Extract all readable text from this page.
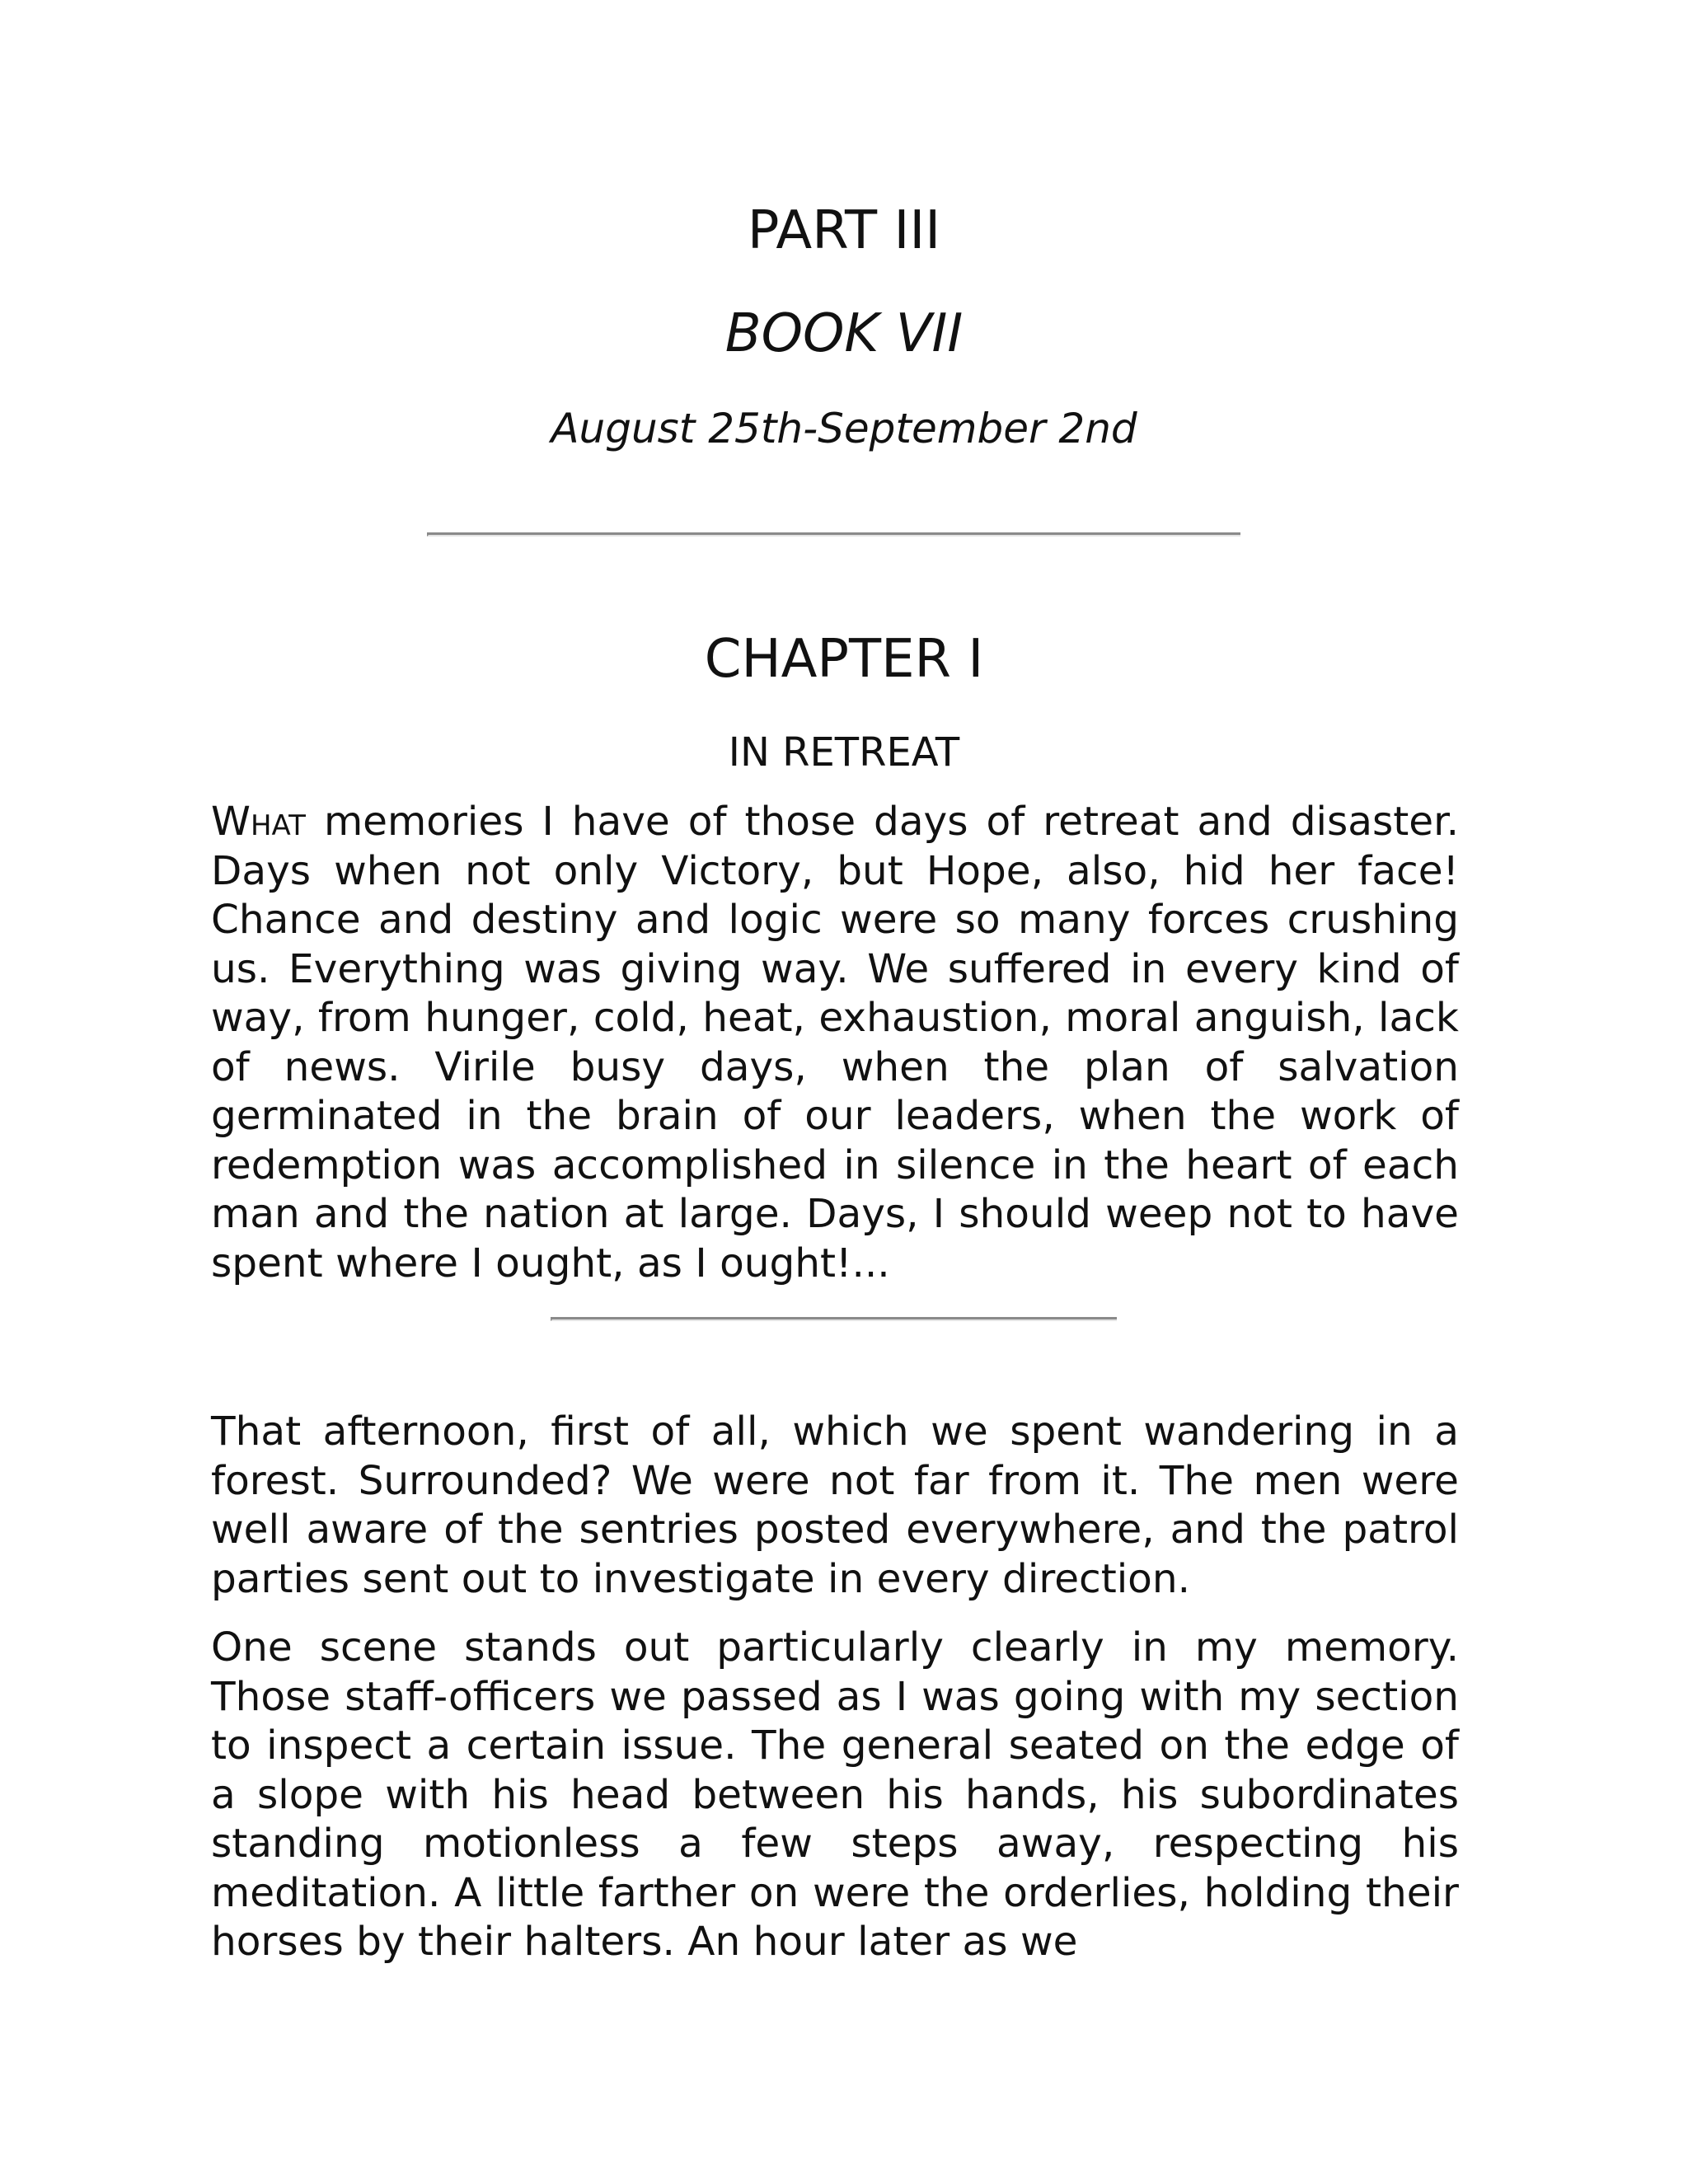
PART III
BOOK VII
August 25th-September 2nd
CHAPTER I
IN RETREAT

What memories I have of those days of retreat and disaster. Days when not only Victory, but Hope, also, hid her face! Chance and destiny and logic were so many forces crushing us. Everything was giving way. We suffered in every kind of way, from hunger, cold, heat, exhaustion, moral anguish, lack of news. Virile busy days, when the plan of salvation germinated in the brain of our leaders, when the work of redemption was accomplished in silence in the heart of each man and the nation at large. Days, I should weep not to have spent where I ought, as I ought!...

That afternoon, first of all, which we spent wandering in a forest. Surrounded? We were not far from it. The men were well aware of the sentries posted everywhere, and the patrol parties sent out to investigate in every direction.

One scene stands out particularly clearly in my memory. Those staff-officers we passed as I was going with my section to inspect a certain issue. The general seated on the edge of a slope with his head between his hands, his subordinates standing motionless a few steps away, respecting his meditation. A little farther on were the orderlies, holding their horses by their halters. An hour later as we
